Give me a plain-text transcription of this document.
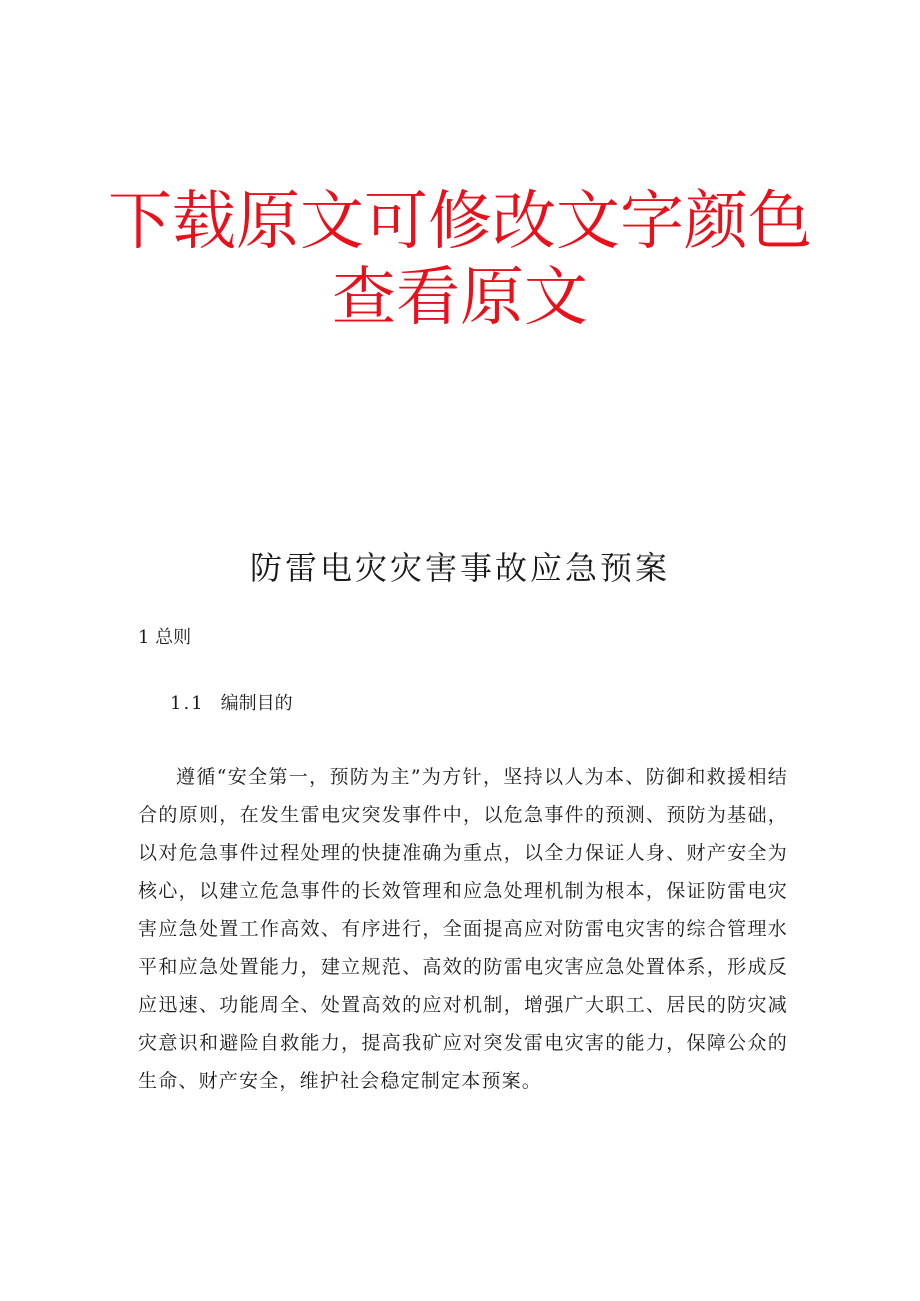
下载原文可修改文字颜色
查看原文
防雷电灾灾害事故应急预案
1 总则
1.1 编制目的
遵循“安全第一，预防为主”为方针，坚持以人为本、防御和救援相结合的原则，在发生雷电灾突发事件中，以危急事件的预测、预防为基础，以对危急事件过程处理的快捷准确为重点，以全力保证人身、财产安全为核心，以建立危急事件的长效管理和应急处理机制为根本，保证防雷电灾害应急处置工作高效、有序进行，全面提高应对防雷电灾害的综合管理水平和应急处置能力，建立规范、高效的防雷电灾害应急处置体系，形成反应迅速、功能周全、处置高效的应对机制，增强广大职工、居民的防灾减灾意识和避险自救能力，提高我矿应对突发雷电灾害的能力，保障公众的生命、财产安全，维护社会稳定制定本预案。
